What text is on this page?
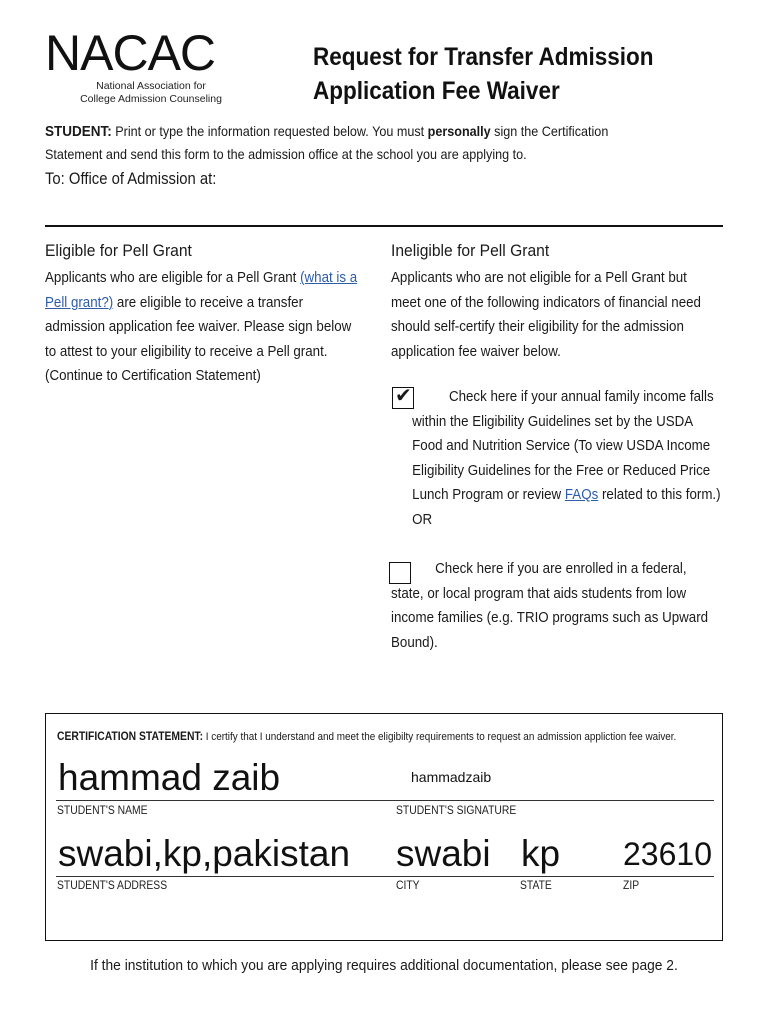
NACAC
National Association for
College Admission Counseling
Request for Transfer Admission
Application Fee Waiver
STUDENT: Print or type the information requested below. You must personally sign the Certification Statement and send this form to the admission office at the school you are applying to.
To: Office of Admission at:
Eligible for Pell Grant

Applicants who are eligible for a Pell Grant (what is a Pell grant?) are eligible to receive a transfer admission application fee waiver. Please sign below to attest to your eligibility to receive a Pell grant. (Continue to Certification Statement)

Ineligible for Pell Grant

Applicants who are not eligible for a Pell Grant but meet one of the following indicators of financial need should self-certify their eligibility for the admission application fee waiver below.

✔	Check here if your annual family income falls within the Eligibility Guidelines set by the USDA Food and Nutrition Service (To view USDA Income Eligibility Guidelines for the Free or Reduced Price Lunch Program or review FAQs related to this form.) OR
Check here if you are enrolled in a federal, state, or local program that aids students from low income families (e.g. TRIO programs such as Upward Bound).
CERTIFICATION STATEMENT: I certify that I understand and meet the eligibilty requirements to request an admission appliction fee waiver.
hammad zaib	hammadzaib
STUDENT'S NAME	STUDENT'S SIGNATURE
swabi,kp,pakistan swabi kp 23610
STUDENT'S ADDRESS	CITY	STATE	ZIP
If the institution to which you are applying requires additional documentation, please see page 2.
